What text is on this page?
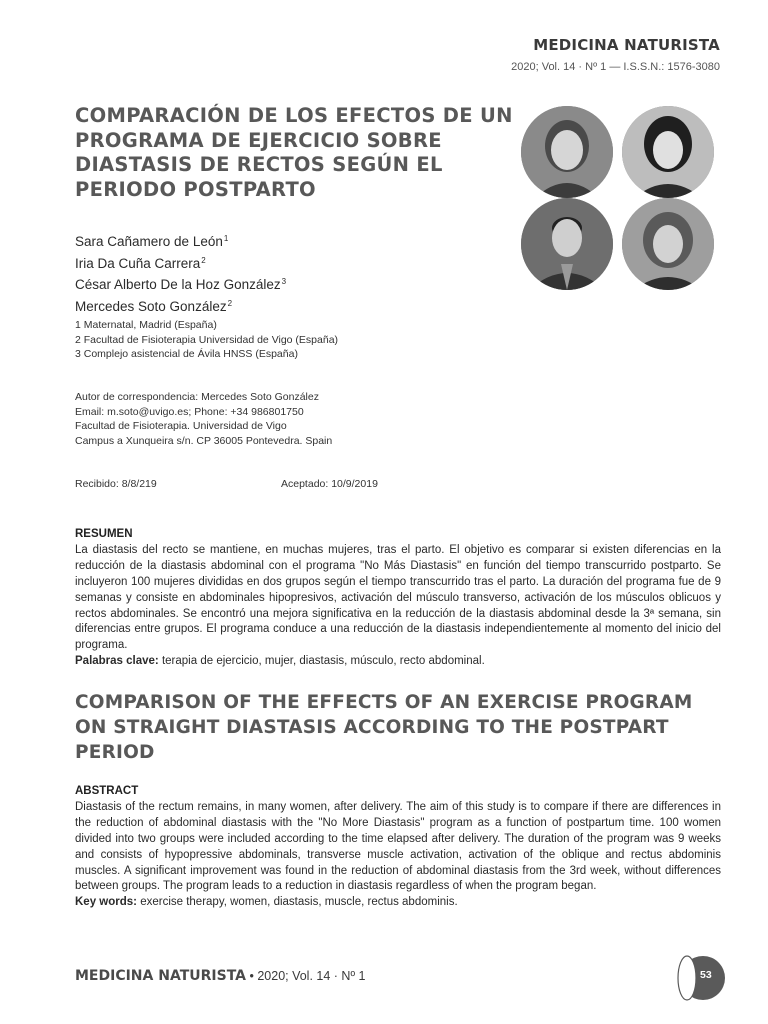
MEDICINA NATURISTA
2020; Vol. 14 · Nº 1 — I.S.S.N.: 1576-3080
COMPARACIÓN DE LOS EFECTOS DE UN PROGRAMA DE EJERCICIO SOBRE DIASTASIS DE RECTOS SEGÚN EL PERIODO POSTPARTO
Sara Cañamero de León$^1$
Iria Da Cuña Carrera$^2$
César Alberto De la Hoz González$^3$
Mercedes Soto González$^2$
1 Maternatal, Madrid (España)
2 Facultad de Fisioterapia Universidad de Vigo (España)
3 Complejo asistencial de Ávila HNSS (España)
Autor de correspondencia: Mercedes Soto González
Email: m.soto@uvigo.es; Phone: +34 986801750
Facultad de Fisioterapia. Universidad de Vigo
Campus a Xunqueira s/n. CP 36005 Pontevedra. Spain
Recibido: 8/8/219	Aceptado: 10/9/2019
RESUMEN

La diastasis del recto se mantiene, en muchas mujeres, tras el parto. El objetivo es comparar si existen diferencias en la reducción de la diastasis abdominal con el programa "No Más Diastasis" en función del tiempo transcurrido postparto. Se incluyeron 100 mujeres divididas en dos grupos según el tiempo transcurrido tras el parto. La duración del programa fue de 9 semanas y consiste en abdominales hipopresivos, activación del músculo transverso, activación de los músculos oblicuos y rectos abdominales. Se encontró una mejora significativa en la reducción de la diastasis abdominal desde la 3ª semana, sin diferencias entre grupos. El programa conduce a una reducción de la diastasis independientemente al momento del inicio del programa.

Palabras clave: terapia de ejercicio, mujer, diastasis, músculo, recto abdominal.

COMPARISON OF THE EFFECTS OF AN EXERCISE PROGRAM ON STRAIGHT DIASTASIS ACCORDING TO THE POSTPART PERIOD
ABSTRACT

Diastasis of the rectum remains, in many women, after delivery. The aim of this study is to compare if there are differences in the reduction of abdominal diastasis with the "No More Diastasis" program as a function of postpartum time. 100 women divided into two groups were included according to the time elapsed after delivery. The duration of the program was 9 weeks and consists of hypopressive abdominals, transverse muscle activation, activation of the oblique and rectus abdominis muscles. A significant improvement was found in the reduction of abdominal diastasis from the 3rd week, without differences between groups. The program leads to a reduction in diastasis regardless of when the program began.

Key words: exercise therapy, women, diastasis, muscle, rectus abdominis.

MEDICINA NATURISTA • 2020; Vol. 14 · Nº 1	53
